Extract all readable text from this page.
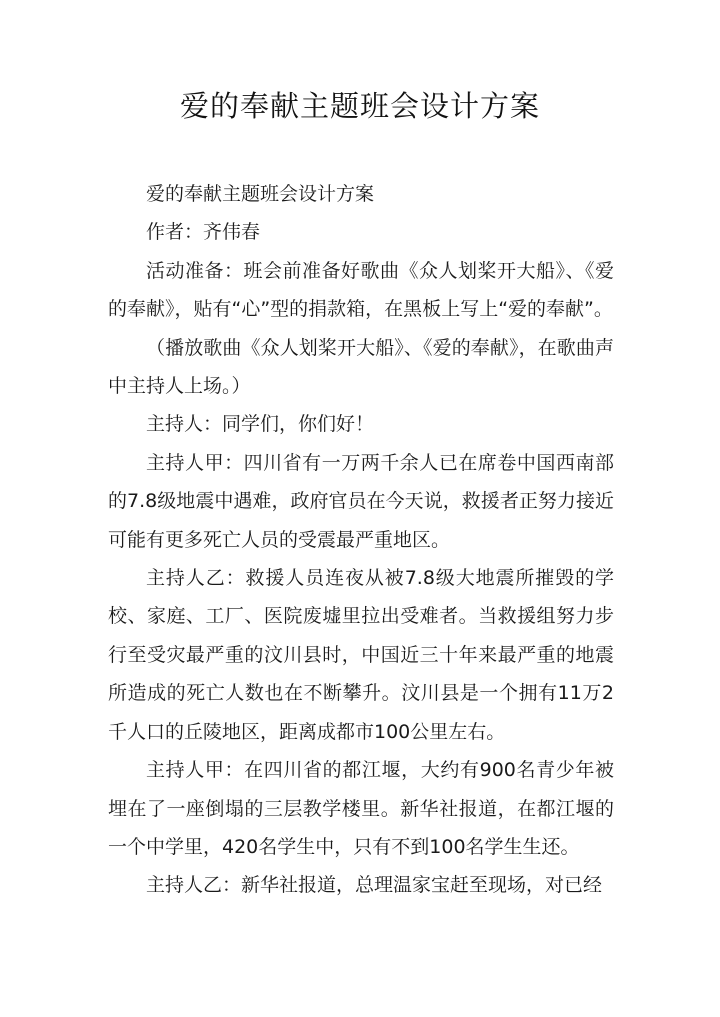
爱的奉献主题班会设计方案

爱的奉献主题班会设计方案

作者：齐伟春

活动准备：班会前准备好歌曲《众人划桨开大船》、《爱的奉献》，贴有“心”型的捐款箱，在黑板上写上“爱的奉献”。

（播放歌曲《众人划桨开大船》、《爱的奉献》，在歌曲声中主持人上场。）

主持人：同学们，你们好！

主持人甲：四川省有一万两千余人已在席卷中国西南部的7.8级地震中遇难，政府官员在今天说，救援者正努力接近可能有更多死亡人员的受震最严重地区。

主持人乙：救援人员连夜从被7.8级大地震所摧毁的学校、家庭、工厂、医院废墟里拉出受难者。当救援组努力步行至受灾最严重的汶川县时，中国近三十年来最严重的地震所造成的死亡人数也在不断攀升。汶川县是一个拥有11万2千人口的丘陵地区，距离成都市100公里左右。

主持人甲：在四川省的都江堰，大约有900名青少年被埋在了一座倒塌的三层教学楼里。新华社报道，在都江堰的一个中学里，420名学生中，只有不到100名学生生还。

主持人乙：新华社报道，总理温家宝赶至现场，对已经
